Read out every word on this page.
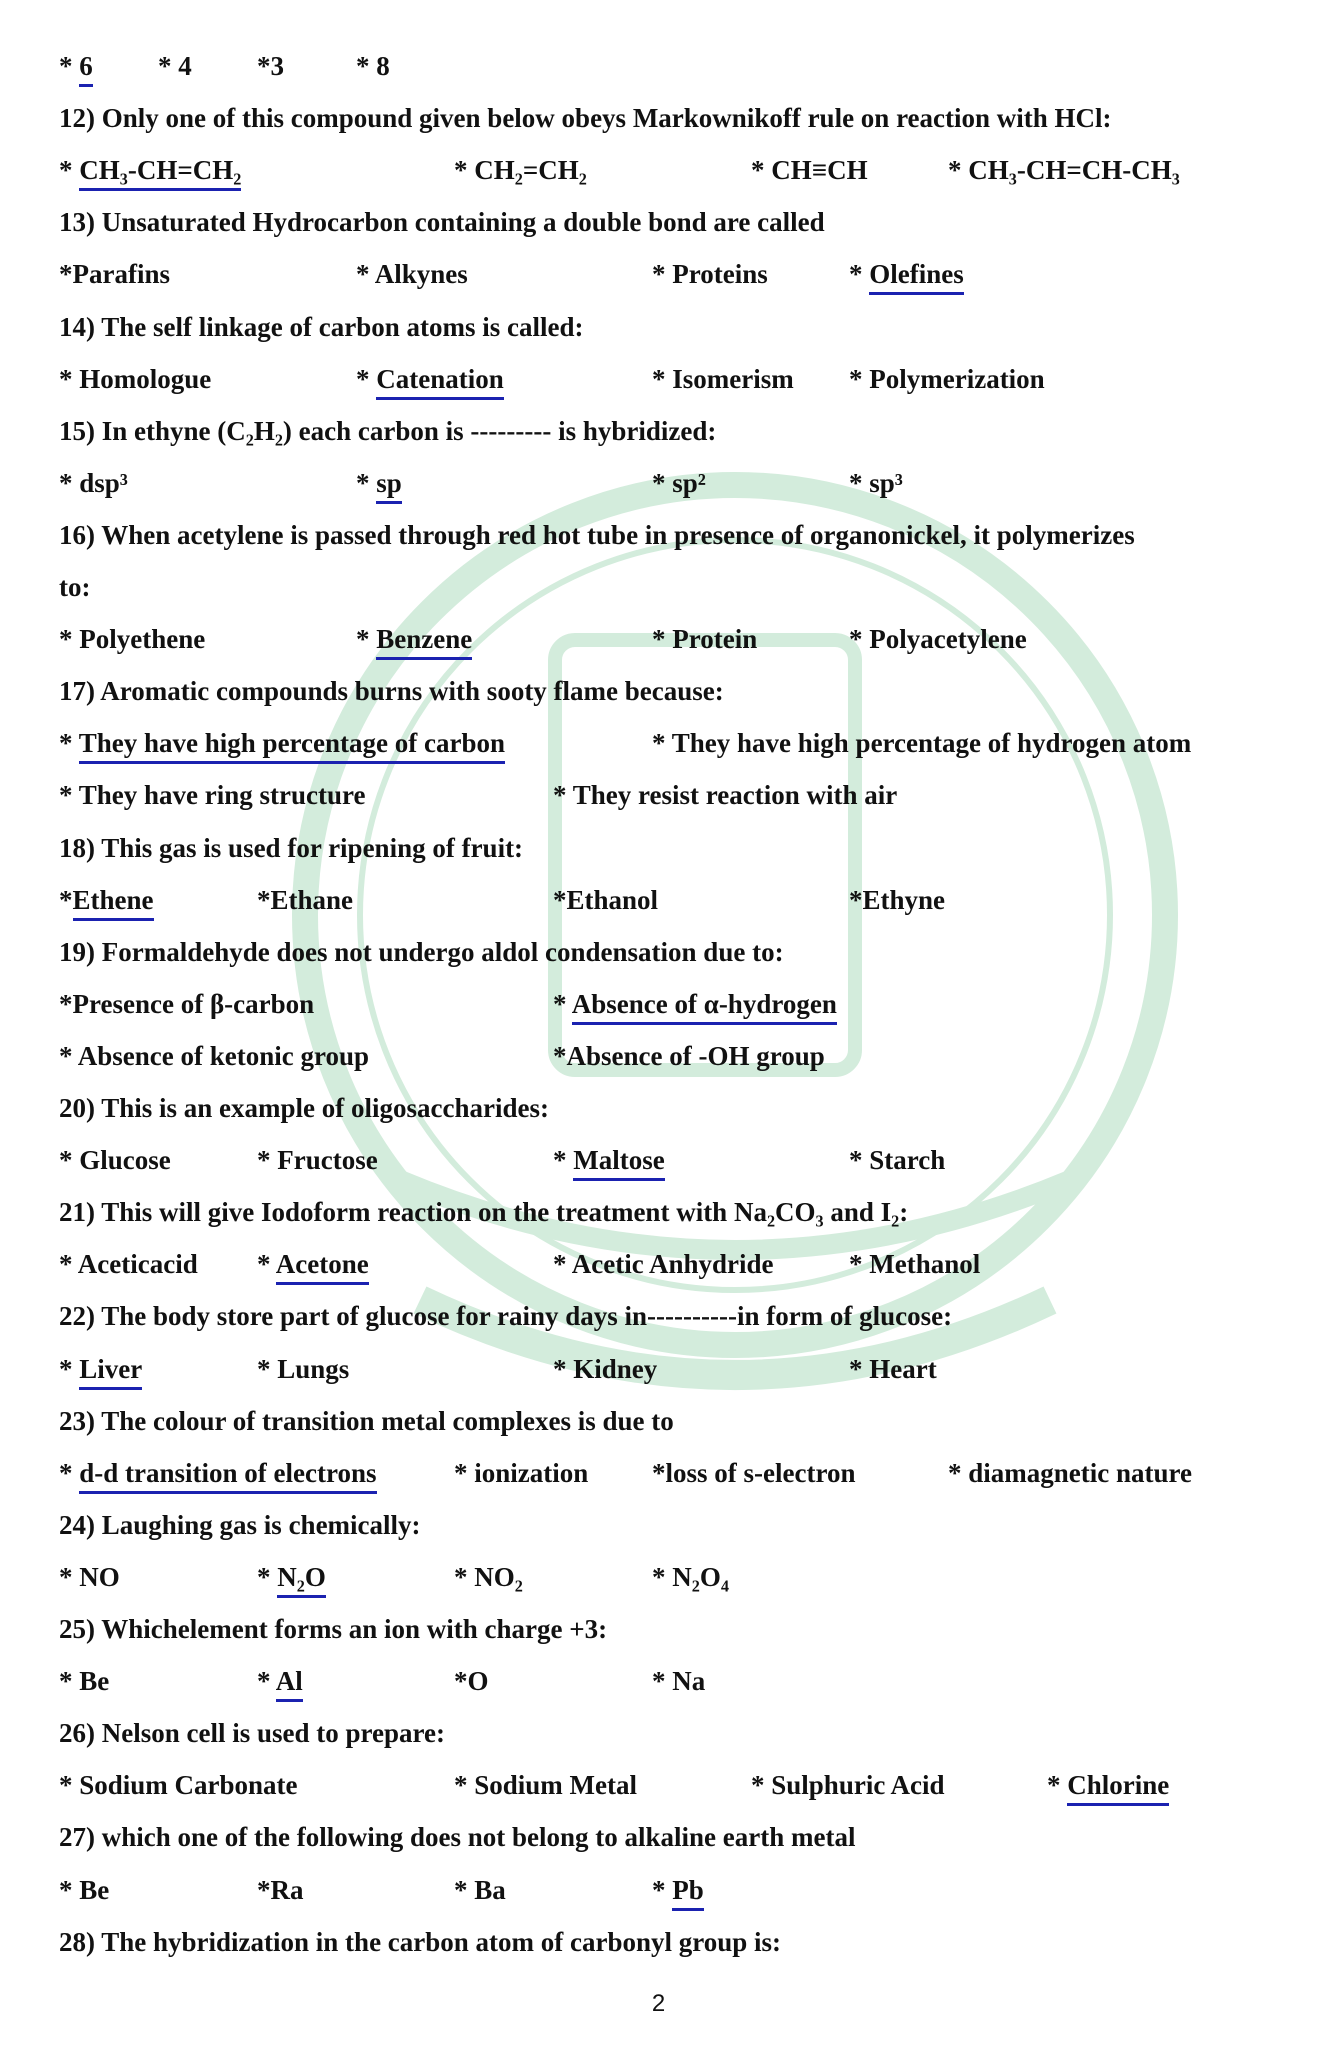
* 6 * 4 *3	* 8
12) Only one of this compound given below obeys Markownikoff rule on reaction with HCl:
* CH₃-CH=CH₂	* CH₂=CH₂	* CH≡CH	* CH₃-CH=CH-CH₃
13) Unsaturated Hydrocarbon containing a double bond are called
*Parafins	* Alkynes	* Proteins	* Olefines
14) The self linkage of carbon atoms is called:
* Homologue	* Catenation	* Isomerism * Polymerization
15) In ethyne (C₂H₂) each carbon is --------- is hybridized:
* dsp³	* sp	* sp²	* sp³
16) When acetylene is passed through red hot tube in presence of organonickel, it polymerizes
to:
* Polyethene	* Benzene	* Protein	* Polyacetylene
17) Aromatic compounds burns with sooty flame because:
* They have high percentage of carbon	* They have high percentage of hydrogen atom
* They have ring structure	* They resist reaction with air
18) This gas is used for ripening of fruit:
*Ethene	*Ethane	*Ethanol	*Ethyne
19) Formaldehyde does not undergo aldol condensation due to:
*Presence of β-carbon	* Absence of α-hydrogen
* Absence of ketonic group	*Absence of -OH group
20) This is an example of oligosaccharides:
* Glucose	* Fructose	* Maltose	* Starch
21) This will give Iodoform reaction on the treatment with Na₂CO₃ and I₂:
* Aceticacid * Acetone	* Acetic Anhydride	* Methanol
22) The body store part of glucose for rainy days in----------in form of glucose:
* Liver	* Lungs	* Kidney	* Heart
23) The colour of transition metal complexes is due to
* d-d transition of electrons	* ionization *loss of s-electron	* diamagnetic nature
24) Laughing gas is chemically:
* NO	* N₂O	* NO₂	* N₂O₄
25) Whichelement forms an ion with charge +3:
* Be	* Al	*O	* Na
26) Nelson cell is used to prepare:
* Sodium Carbonate	* Sodium Metal	* Sulphuric Acid	* Chlorine
27) which one of the following does not belong to alkaline earth metal
* Be	*Ra	* Ba	* Pb
28) The hybridization in the carbon atom of carbonyl group is:
2
